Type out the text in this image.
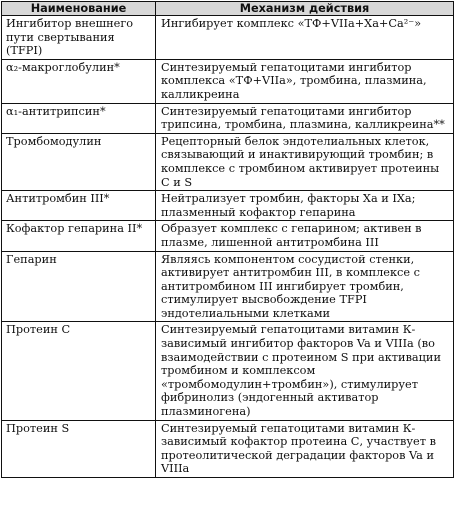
Наименование	Механизм действия
Ингибитор внешнего пути свертывания (TFPI)	Ингибирует комплекс «ТФ+VIIа+Ха+Са²⁻»
α₂-макроглобулин*	Синтезируемый гепатоцитами ингибитор комплекса «ТФ+VIIа», тромбина, плазмина, калликреина
α₁-антитрипсин*	Синтезируемый гепатоцитами ингибитор трипсина, тромбина, плазмина, калликреина**
Тромбомодулин	Рецепторный белок эндотелиальных клеток, связывающий и инактивирующий тромбин; в комплексе с тромбином активирует протеины С и S
Антитромбин III*	Нейтрализует тромбин, факторы Ха и IXa; плазменный кофактор гепарина
Кофактор гепарина II*	Образует комплекс с гепарином; активен в плазме, лишенной антитромбина III
Гепарин	Являясь компонентом сосудистой стенки, активирует антитромбин III, в комплексе с антитромбином III ингибирует тромбин, стимулирует высвобождение TFPI эндотелиальными клетками
Протеин С	Синтезируемый гепатоцитами витамин К-зависимый ингибитор факторов Va и VIIIa (во взаимодействии с протеином S при активации тромбином и комплексом «тромбомодулин+тромбин»), стимулирует фибринолиз (эндогенный активатор плазминогена)
Протеин S	Синтезируемый гепатоцитами витамин К-зависимый кофактор протеина С, участвует в протеолитической деградации факторов Va и VIIIa
